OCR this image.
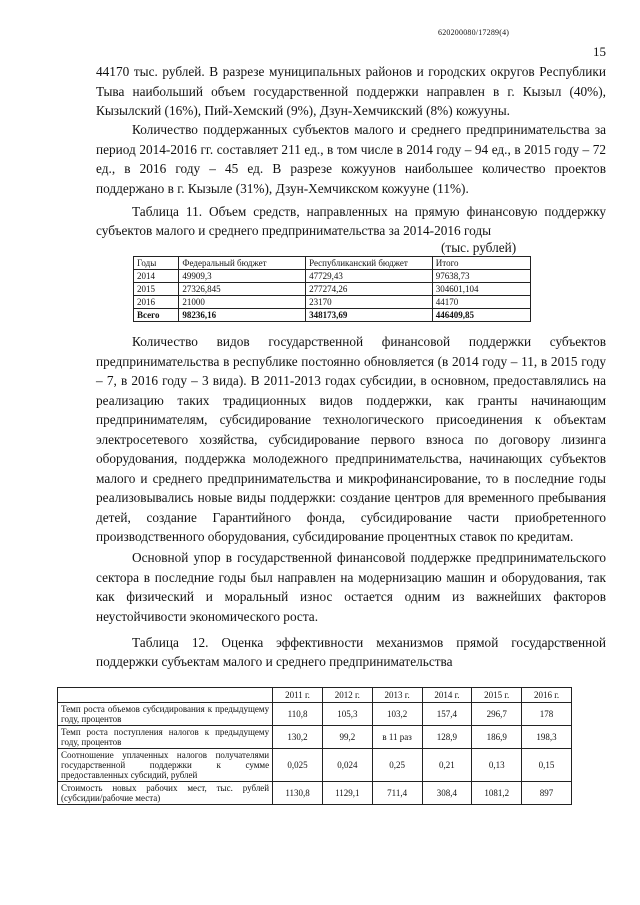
620200080/17289(4)
15

44170 тыс. рублей. В разрезе муниципальных районов и городских округов Республики Тыва наибольший объем государственной поддержки направлен в г. Кызыл (40%), Кызылский (16%), Пий-Хемский (9%), Дзун-Хемчикский (8%) кожууны.

Количество поддержанных субъектов малого и среднего предпринимательства за период 2014-2016 гг. составляет 211 ед., в том числе в 2014 году – 94 ед., в 2015 году – 72 ед., в 2016 году – 45 ед. В разрезе кожуунов наибольшее количество проектов поддержано в г. Кызыле (31%), Дзун-Хемчикском кожууне (11%).

Таблица 11. Объем средств, направленных на прямую финансовую поддержку субъектов малого и среднего предпринимательства за 2014-2016 годы

(тыс. рублей)
Годы	Федеральный бюджет	Республиканский бюджет	Итого
2014	49909,3	47729,43	97638,73
2015	27326,845	277274,26	304601,104
2016	21000	23170	44170
Всего	98236,16	348173,69	446409,85

Количество видов государственной финансовой поддержки субъектов предпринимательства в республике постоянно обновляется (в 2014 году – 11, в 2015 году – 7, в 2016 году – 3 вида). В 2011-2013 годах субсидии, в основном, предоставлялись на реализацию таких традиционных видов поддержки, как гранты начинающим предпринимателям, субсидирование технологического присоединения к объектам электросетевого хозяйства, субсидирование первого взноса по договору лизинга оборудования, поддержка молодежного предпринимательства, начинающих субъектов малого и среднего предпринимательства и микрофинансирование, то в последние годы реализовывались новые виды поддержки: создание центров для временного пребывания детей, создание Гарантийного фонда, субсидирование части приобретенного производственного оборудования, субсидирование процентных ставок по кредитам.

Основной упор в государственной финансовой поддержке предпринимательского сектора в последние годы был направлен на модернизацию машин и оборудования, так как физический и моральный износ остается одним из важнейших факторов неустойчивости экономического роста.

Таблица 12. Оценка эффективности механизмов прямой государственной поддержки субъектам малого и среднего предпринимательства

	2011 г.	2012 г.	2013 г.	2014 г.	2015 г.	2016 г.
Темп роста объемов субсидирования к предыдущему году, процентов	110,8	105,3	103,2	157,4	296,7	178
Темп роста поступления налогов к предыдущему году, процентов	130,2	99,2	в 11 раз	128,9	186,9	198,3
Соотношение уплаченных налогов получателями государственной поддержки к сумме предоставленных субсидий, рублей	0,025	0,024	0,25	0,21	0,13	0,15
Стоимость новых рабочих мест, тыс. рублей (субсидии/рабочие места)	1130,8	1129,1	711,4	308,4	1081,2	897
